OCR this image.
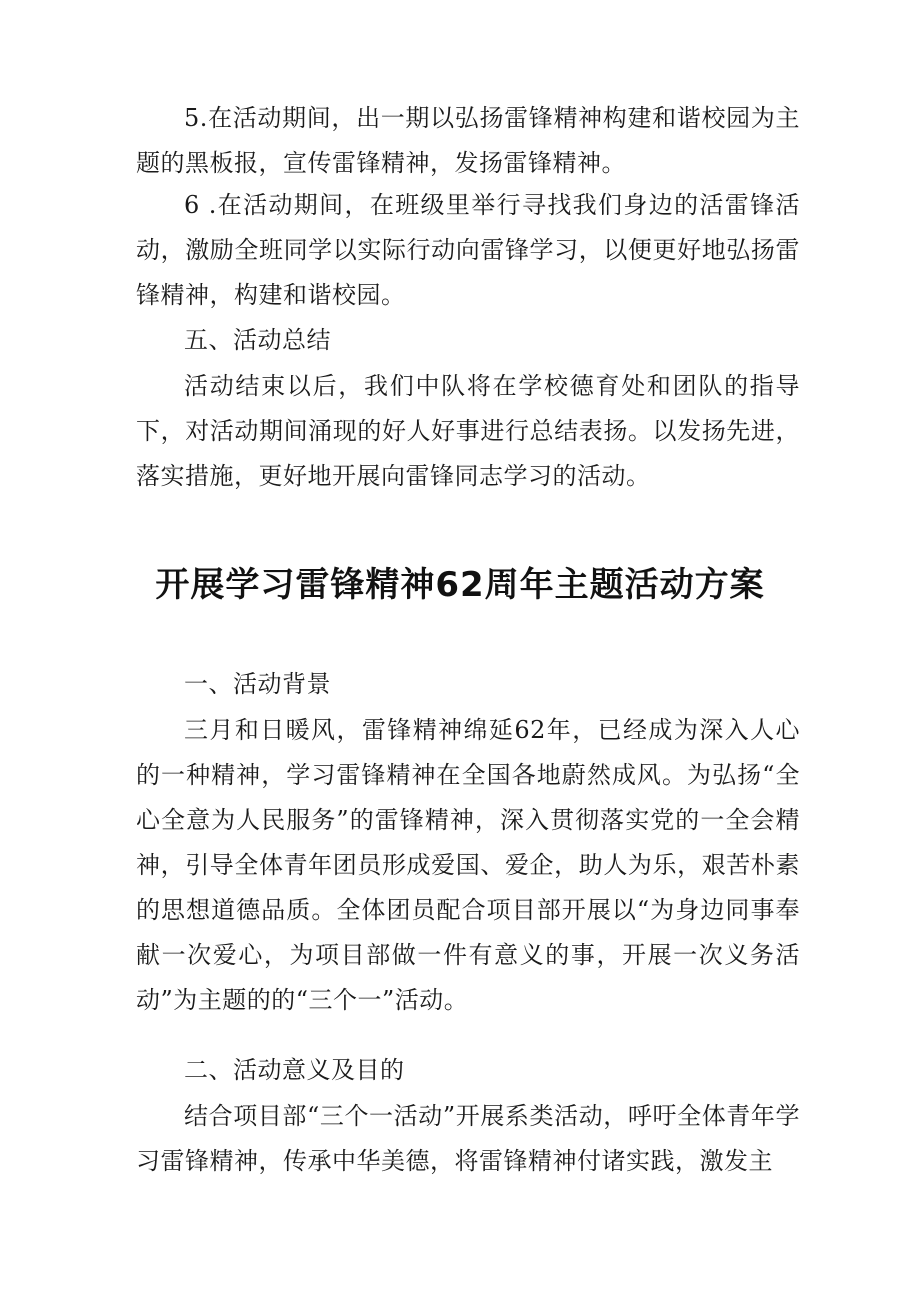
5.在活动期间，出一期以弘扬雷锋精神构建和谐校园为主题的黑板报，宣传雷锋精神，发扬雷锋精神。

6 .在活动期间，在班级里举行寻找我们身边的活雷锋活动，激励全班同学以实际行动向雷锋学习，以便更好地弘扬雷锋精神，构建和谐校园。

五、活动总结

活动结束以后，我们中队将在学校德育处和团队的指导下，对活动期间涌现的好人好事进行总结表扬。以发扬先进，落实措施，更好地开展向雷锋同志学习的活动。

开展学习雷锋精神62周年主题活动方案

一、活动背景

三月和日暖风，雷锋精神绵延62年，已经成为深入人心的一种精神，学习雷锋精神在全国各地蔚然成风。为弘扬“全心全意为人民服务”的雷锋精神，深入贯彻落实党的一全会精神，引导全体青年团员形成爱国、爱企，助人为乐，艰苦朴素的思想道德品质。全体团员配合项目部开展以“为身边同事奉献一次爱心，为项目部做一件有意义的事，开展一次义务活动”为主题的的“三个一”活动。

二、活动意义及目的

结合项目部“三个一活动”开展系类活动，呼吁全体青年学习雷锋精神，传承中华美德，将雷锋精神付诸实践，激发主
